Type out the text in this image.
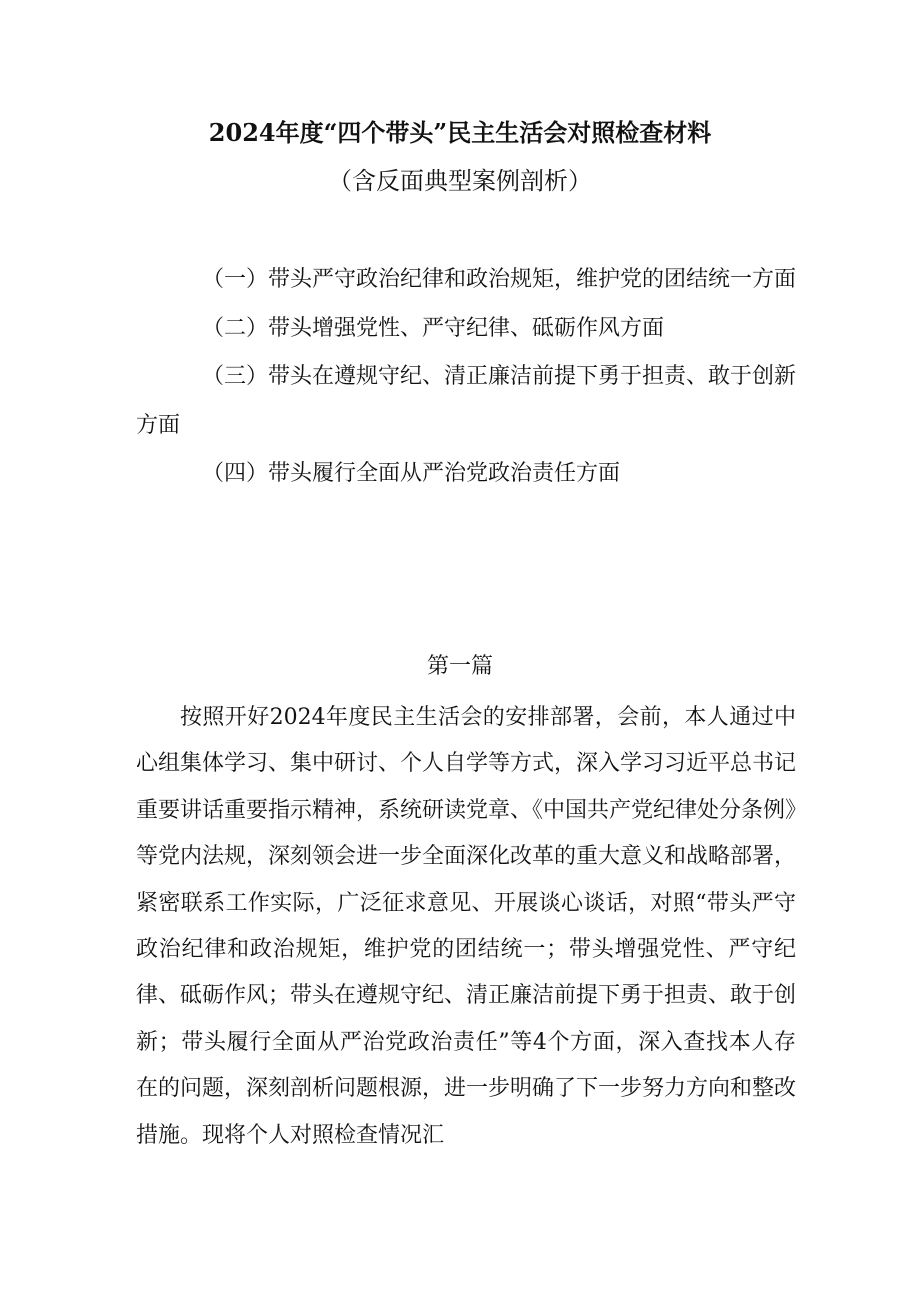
2024年度“四个带头”民主生活会对照检查材料
（含反面典型案例剖析）

（一）带头严守政治纪律和政治规矩，维护党的团结统一方面

（二）带头增强党性、严守纪律、砥砺作风方面

（三）带头在遵规守纪、清正廉洁前提下勇于担责、敢于创新方面

（四）带头履行全面从严治党政治责任方面

第一篇

按照开好2024年度民主生活会的安排部署，会前，本人通过中心组集体学习、集中研讨、个人自学等方式，深入学习习近平总书记重要讲话重要指示精神，系统研读党章、《中国共产党纪律处分条例》等党内法规，深刻领会进一步全面深化改革的重大意义和战略部署，紧密联系工作实际，广泛征求意见、开展谈心谈话，对照“带头严守政治纪律和政治规矩，维护党的团结统一；带头增强党性、严守纪律、砥砺作风；带头在遵规守纪、清正廉洁前提下勇于担责、敢于创新；带头履行全面从严治党政治责任”等4个方面，深入查找本人存在的问题，深刻剖析问题根源，进一步明确了下一步努力方向和整改措施。现将个人对照检查情况汇
